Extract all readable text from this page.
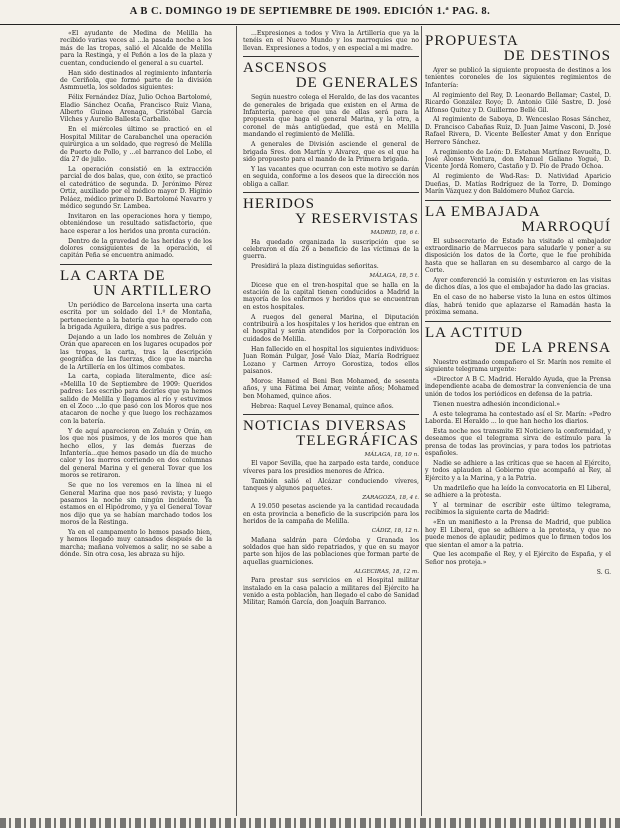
A B C. DOMINGO 19 DE SEPTIEMBRE DE 1909. EDICIÓN 1.ª PAG. 8.

«El ayudante de Medina de Melilla ha recibido varias veces al ...la pasada noche a los más de las tropas, salió el Alcalde de Melilla para la Restinga, y el Peñón a los de la plaza y cuentan, conduciendo el general a su cuartel.

Han sido destinados al regimiento infantería de Ceriñola, que formó parte de la división Asmmuetla, los soldados siguientes:

Félix Fernández Díaz, Julio Ochoa Bartolomé, Eladio Sánchez Ocaña, Francisco Ruiz Viana, Alberto Guinea Arenaga, Cristóbal García Vilches y Aurelio Ballesta Carballo.

En el miércoles último se practicó en el Hospital Militar de Carabanchel una operación quirúrgica a un soldado, que regresó de Melilla de Puerto de Pollo, y ...el barranco del Lobo, el día 27 de julio.

La operación consistió en la extracción parcial de dos balas, que, con éxito, se practicó el catedrático de segunda. D. Jerónimo Pérez Ortiz, auxiliado por el médico mayor D. Higinio Peláez, médico primero D. Bartolomé Navarro y médico segundo Sr. Lambea.

Invitaron en las operaciones hora y tiempo, obteniéndose un resultado satisfactorio, que hace esperar a los heridos una pronta curación.

Dentro de la gravedad de las heridas y de los dolores consiguientes de la operación, el capitán Peña se encuentra animado.

LA CARTA DE
UN ARTILLERO

Un periódico de Barcelona inserta una carta escrita por un soldado del 1.º de Montaña, perteneciente a la batería que ha operado con la brigada Aguilera, dirige a sus padres.

Dejando a un lado los nombres de Zeluán y Orán que aparecen en los lugares ocupados por las tropas, la carta, tras la descripción geográfica de las fuerzas, dice que la marcha de la Artillería en los últimos combates.

La carta, copiada literalmente, dice así: «Melilla 10 de Septiembre de 1909: Queridos padres: Les escribo para decirles que ya hemos salido de Melilla y llegamos al río y estuvimos en el Zoco ...lo que pasó con los Moros que nos atacaron de noche y que luego los rechazamos con la batería.

Y de aquí aparecieron en Zeluán y Orán, en los que nos pusimos, y de los moros que han hecho ellos, y las demás fuerzas de Infantería...que hemos pasado un día de mucho calor y los morros corriendo en dos columnas del general Marina y el general Tovar que los moros se retiraron.

Se que no los veremos en la línea ni el General Marina que nos pasó revista; y luego pasamos la noche sin ningún incidente. Ya estamos en el Hipódromo, y ya el General Tovar nos dijo que ya se habían marchado todos los moros de la Restinga.

Ya en el campamento lo hemos pasado bien, y hemos llegado muy cansados después de la marcha; mañana volvemos a salir, no se sabe a dónde. Sin otra cosa, les abraza su hijo.

...Expresiones a todos y Viva la Artillería que ya la tenéis en el Nuevo Mundo y los marroquíes que no llevan. Expresiones a todos, y en especial a mi madre.

ASCENSOS
DE GENERALES

Según nuestro colega el Heraldo, de las dos vacantes de generales de brigada que existen en el Arma de Infantería, parece que una de ellas será para la propuesta que haga el general Marina, y la otra, a coronel de más antigüedad, que está en Melilla mandando el regimiento de Melilla.

A generales de División asciende el general de brigada Sres. don Martín y Alvarez, que es el que ha sido propuesto para el mando de la Primera brigada.

Y las vacantes que ocurran con este motivo se darán en seguida, conforme a los deseos que la dirección nos obliga a callar.

HERIDOS
Y RESERVISTAS
MADRID, 18, 6 t.

Ha quedado organizada la suscripción que se celebraron el día 26 a beneficio de las víctimas de la guerra.

Presidirá la plaza distinguidas señoritas.

MÁLAGA, 18, 5 t.

Dicese que en el tren-hospital que se halla en la estación de la capital tienen conducidos a Madrid la mayoría de los enfermos y heridos que se encuentran en estos hospitales.

A ruegos del general Marina, el Diputación contribuirá a los hospitales y los heridos que entran en el hospital y serán atendidos por la Corporación los cuidados de Melilla.

Han fallecido en el hospital los siguientes individuos: Juan Román Pulgar, José Valo Díaz, María Rodríguez Lozano y Carmen Arroyo Gorostiza, todos ellos paisanos.

Moros: Hamed el Beni Ben Mohamed, de sesenta años, y una Fátima bei Amar, veinte años; Mohamed ben Mohamed, quince años.

Hebrea: Raquel Levey Benamal, quince años.

NOTICIAS DIVERSAS
TELEGRÁFICAS
MÁLAGA, 18, 10 n.

El vapor Sevilla, que ha zarpado esta tarde, conduce víveres para los presidios menores de África.

También salió el Alcázar conduciendo víveres, tanques y algunos paquetes.

ZARAGOZA, 18, 4 t.

A 19.050 pesetas asciende ya la cantidad recaudada en esta provincia a beneficio de la suscripción para los heridos de la campaña de Melilla.

CÁDIZ, 18, 12 n.

Mañana saldrán para Córdoba y Granada los soldados que han sido repatriados, y que en su mayor parte son hijos de las poblaciones que forman parte de aquellas guarniciones.

ALGECIRAS, 18, 12 m.

Para prestar sus servicios en el Hospital militar instalado en la casa palacio a militares del Ejército ha venido a esta población, han llegado el cabo de Sanidad Militar, Ramón García, don Joaquín Barranco.

PROPUESTA
DE DESTINOS

Ayer se publicó la siguiente propuesta de destinos a los tenientes coroneles de los siguientes regimientos de Infantería:

Al regimiento del Rey, D. Leonardo Bellamar; Castel, D. Ricardo González Royo; D. Antonio Gilé Sastre, D. José Alfonso Quitez y D. Guillermo Bellé Gil.

Al regimiento de Saboya, D. Wenceslao Rosas Sánchez, D. Francisco Cabañas Ruiz, D. Juan Jaime Vasconi, D. José Rafael Rivera, D. Vicente Bellester Amat y don Enrique Herrero Sánchez.

A regimiento de León: D. Esteban Martínez Revuelta, D. José Alonso Ventura, don Manuel Galiano Yogué, D. Vicente Jordá Romero, Castaño y D. Pío de Prado Ochoa.

Al regimiento de Wad-Ras: D. Natividad Aparicio Dueñas, D. Matías Rodríguez de la Torre, D. Domingo Marín Vázquez y don Baldomero Muñoz García.

LA EMBAJADA
MARROQUÍ

El subsecretario de Estado ha visitado al embajador extraordinario de Marruecos para saludarle y poner a su disposición los datos de la Corte, que le fue prohibida hasta que se hallaran en su desembarco al cargo de la Corte.

Ayer conferenció la comisión y estuvieron en las visitas de dichos días, a los que el embajador ha dado las gracias.

En el caso de no haberse visto la luna en estos últimos días, habrá tenido que aplazarse el Ramadán hasta la próxima semana.

LA ACTITUD
DE LA PRENSA

Nuestro estimado compañero el Sr. Marín nos remite el siguiente telegrama urgente:

«Director A B C. Madrid. Heraldo Ayuda, que la Prensa independiente acaba de demostrar la conveniencia de una unión de todos los periódicos en defensa de la patria.

Tienen nuestra adhesión incondicional.»

A este telegrama ha contestado así el Sr. Marín: «Pedro Laborda. El Heraldo ... lo que han hecho los diarios.

Esta noche nos transmite El Noticiero la conformidad, y deseamos que el telegrama sirva de estímulo para la prensa de todas las provincias, y para todos los patriotas españoles.

Nadie se adhiere a las críticas que se hacen al Ejército, y todos aplauden al Gobierno que acompañó al Rey, al Ejército y a la Marina, y a la Patria.

Un madrileño que ha leído la convocatoria en El Liberal, se adhiere a la protesta.

Y al terminar de escribir este último telegrama, recibimos la siguiente carta de Madrid:

«En un manifiesto a la Prensa de Madrid, que publica hoy El Liberal, que se adhiere a la protesta, y que no puede menos de aplaudir, pedimos que lo firmen todos los que sientan el amor a la patria.

Que les acompañe el Rey, y el Ejército de España, y el Señor nos proteja.»

S. G.
